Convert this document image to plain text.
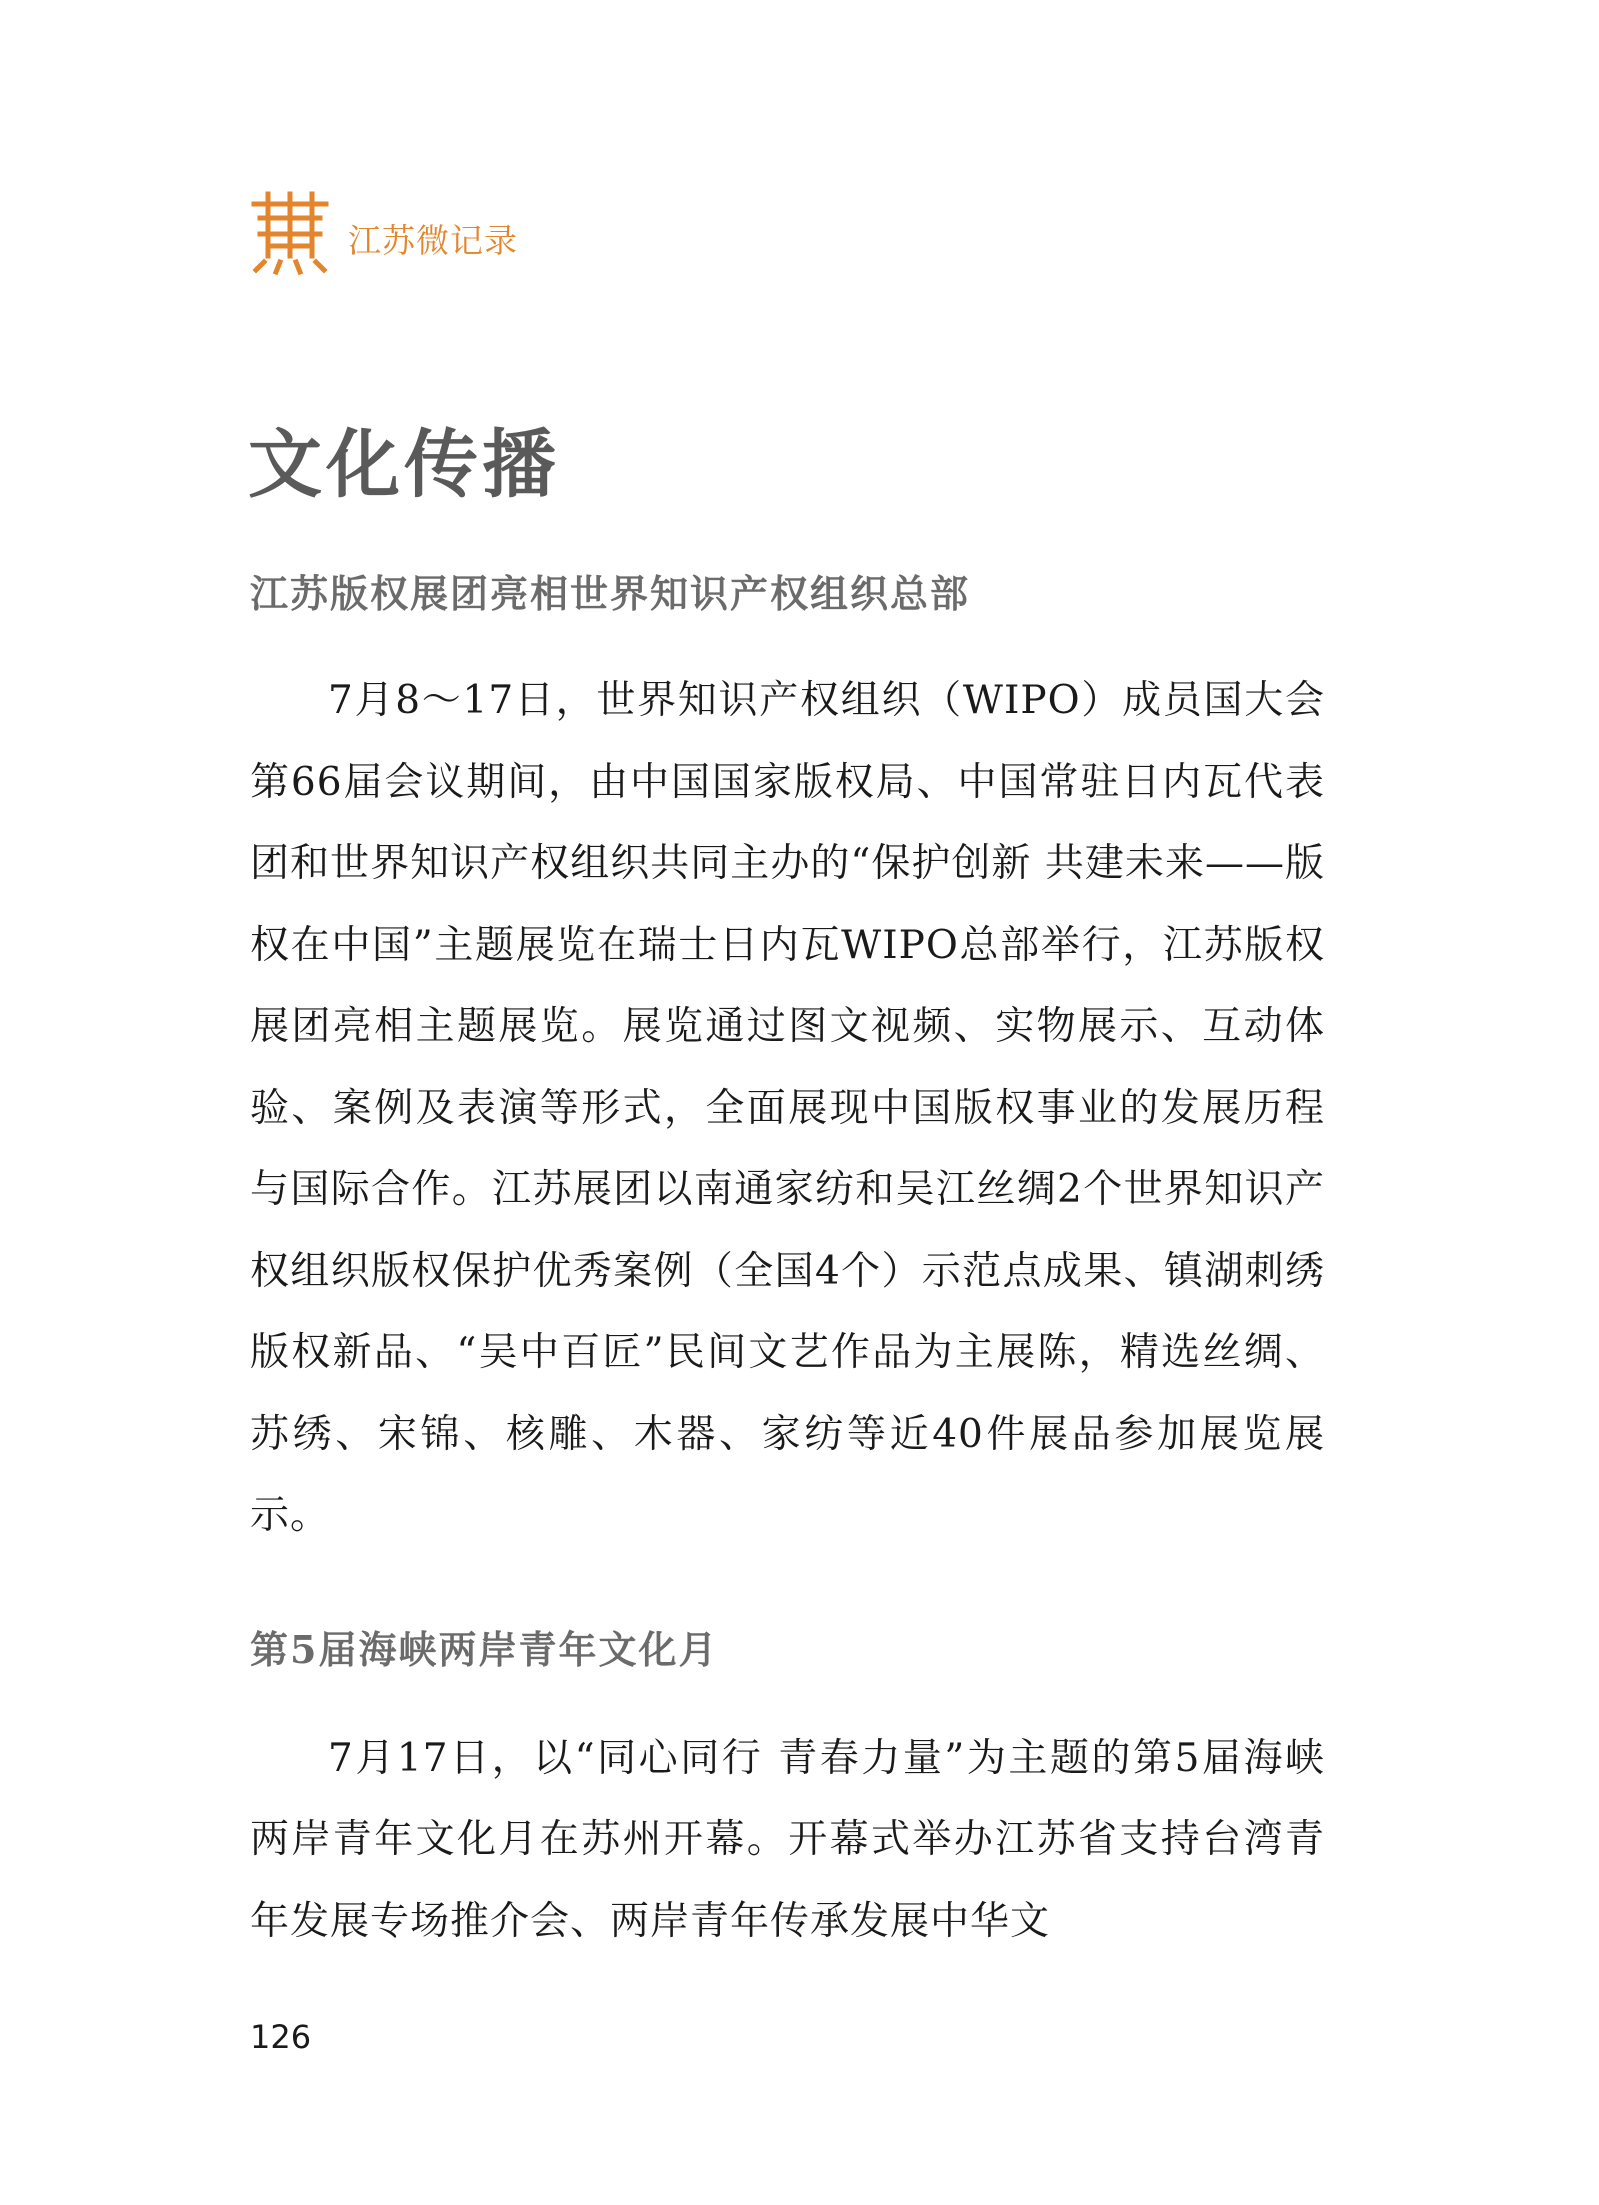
江苏微记录
文化传播
江苏版权展团亮相世界知识产权组织总部

7月8～17日，世界知识产权组织（WIPO）成员国大会第66届会议期间，由中国国家版权局、中国常驻日内瓦代表团和世界知识产权组织共同主办的“保护创新 共建未来——版权在中国”主题展览在瑞士日内瓦WIPO总部举行，江苏版权展团亮相主题展览。展览通过图文视频、实物展示、互动体验、案例及表演等形式，全面展现中国版权事业的发展历程与国际合作。江苏展团以南通家纺和吴江丝绸2个世界知识产权组织版权保护优秀案例（全国4个）示范点成果、镇湖刺绣版权新品、“吴中百匠”民间文艺作品为主展陈，精选丝绸、苏绣、宋锦、核雕、木器、家纺等近40件展品参加展览展示。

第5届海峡两岸青年文化月

7月17日，以“同心同行 青春力量”为主题的第5届海峡两岸青年文化月在苏州开幕。开幕式举办江苏省支持台湾青年发展专场推介会、两岸青年传承发展中华文

126
